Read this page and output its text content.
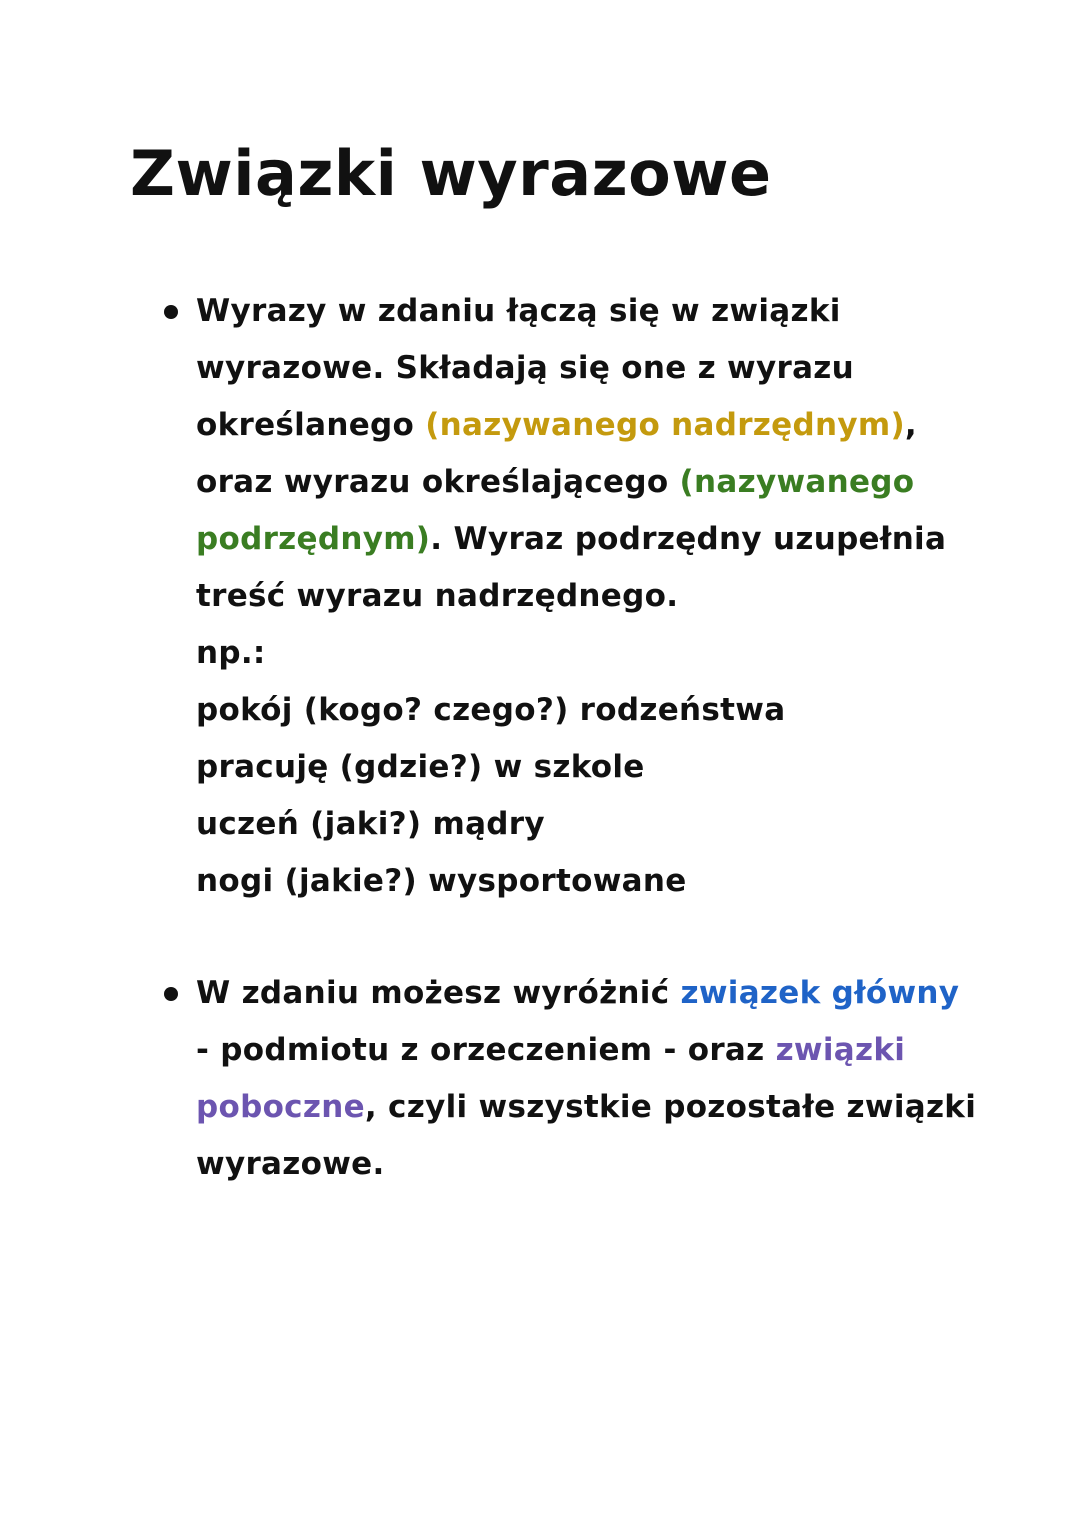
Związki wyrazowe
Wyrazy w zdaniu łączą się w związki
wyrazowe. Składają się one z wyrazu
określanego (nazywanego nadrzędnym),
oraz wyrazu określającego (nazywanego
podrzędnym). Wyraz podrzędny uzupełnia
treść wyrazu nadrzędnego.
np.:
pokój (kogo? czego?) rodzeństwa
pracuję (gdzie?) w szkole
uczeń (jaki?) mądry
nogi (jakie?) wysportowane
W zdaniu możesz wyróżnić związek główny
- podmiotu z orzeczeniem - oraz związki
poboczne, czyli wszystkie pozostałe związki
wyrazowe.
